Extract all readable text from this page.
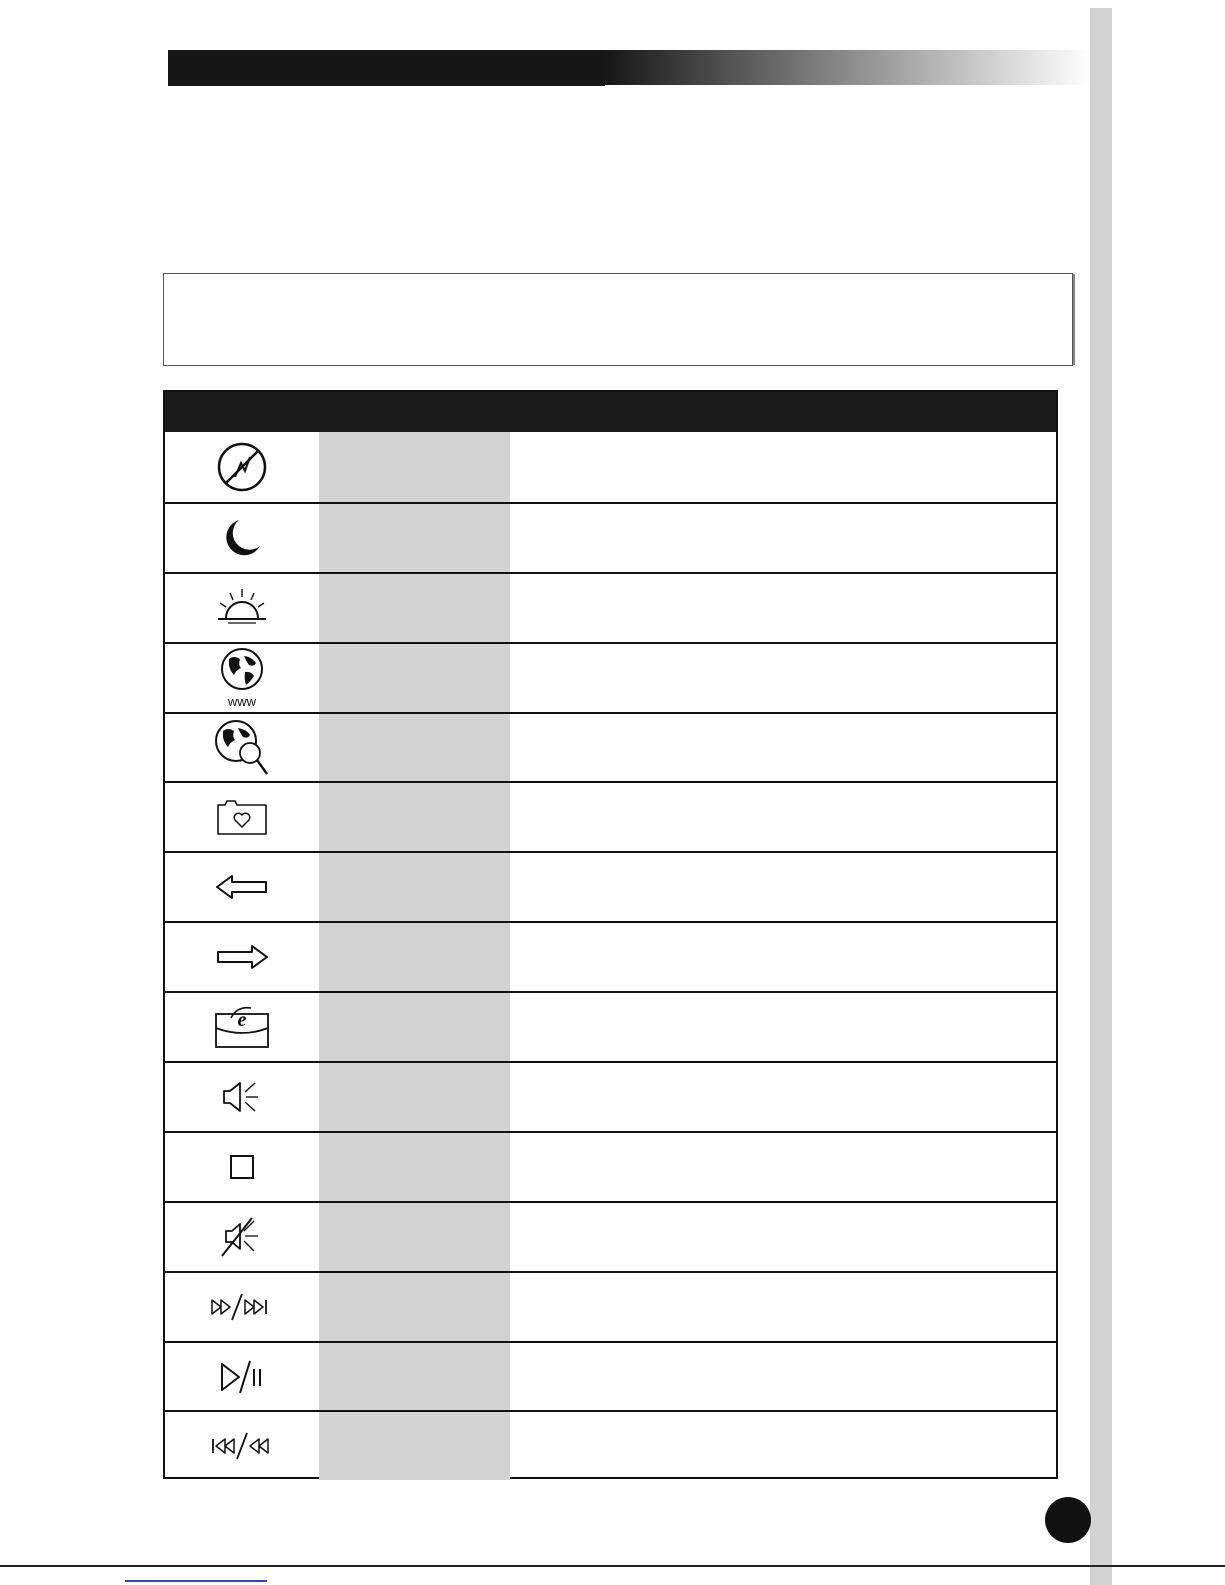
www
e
